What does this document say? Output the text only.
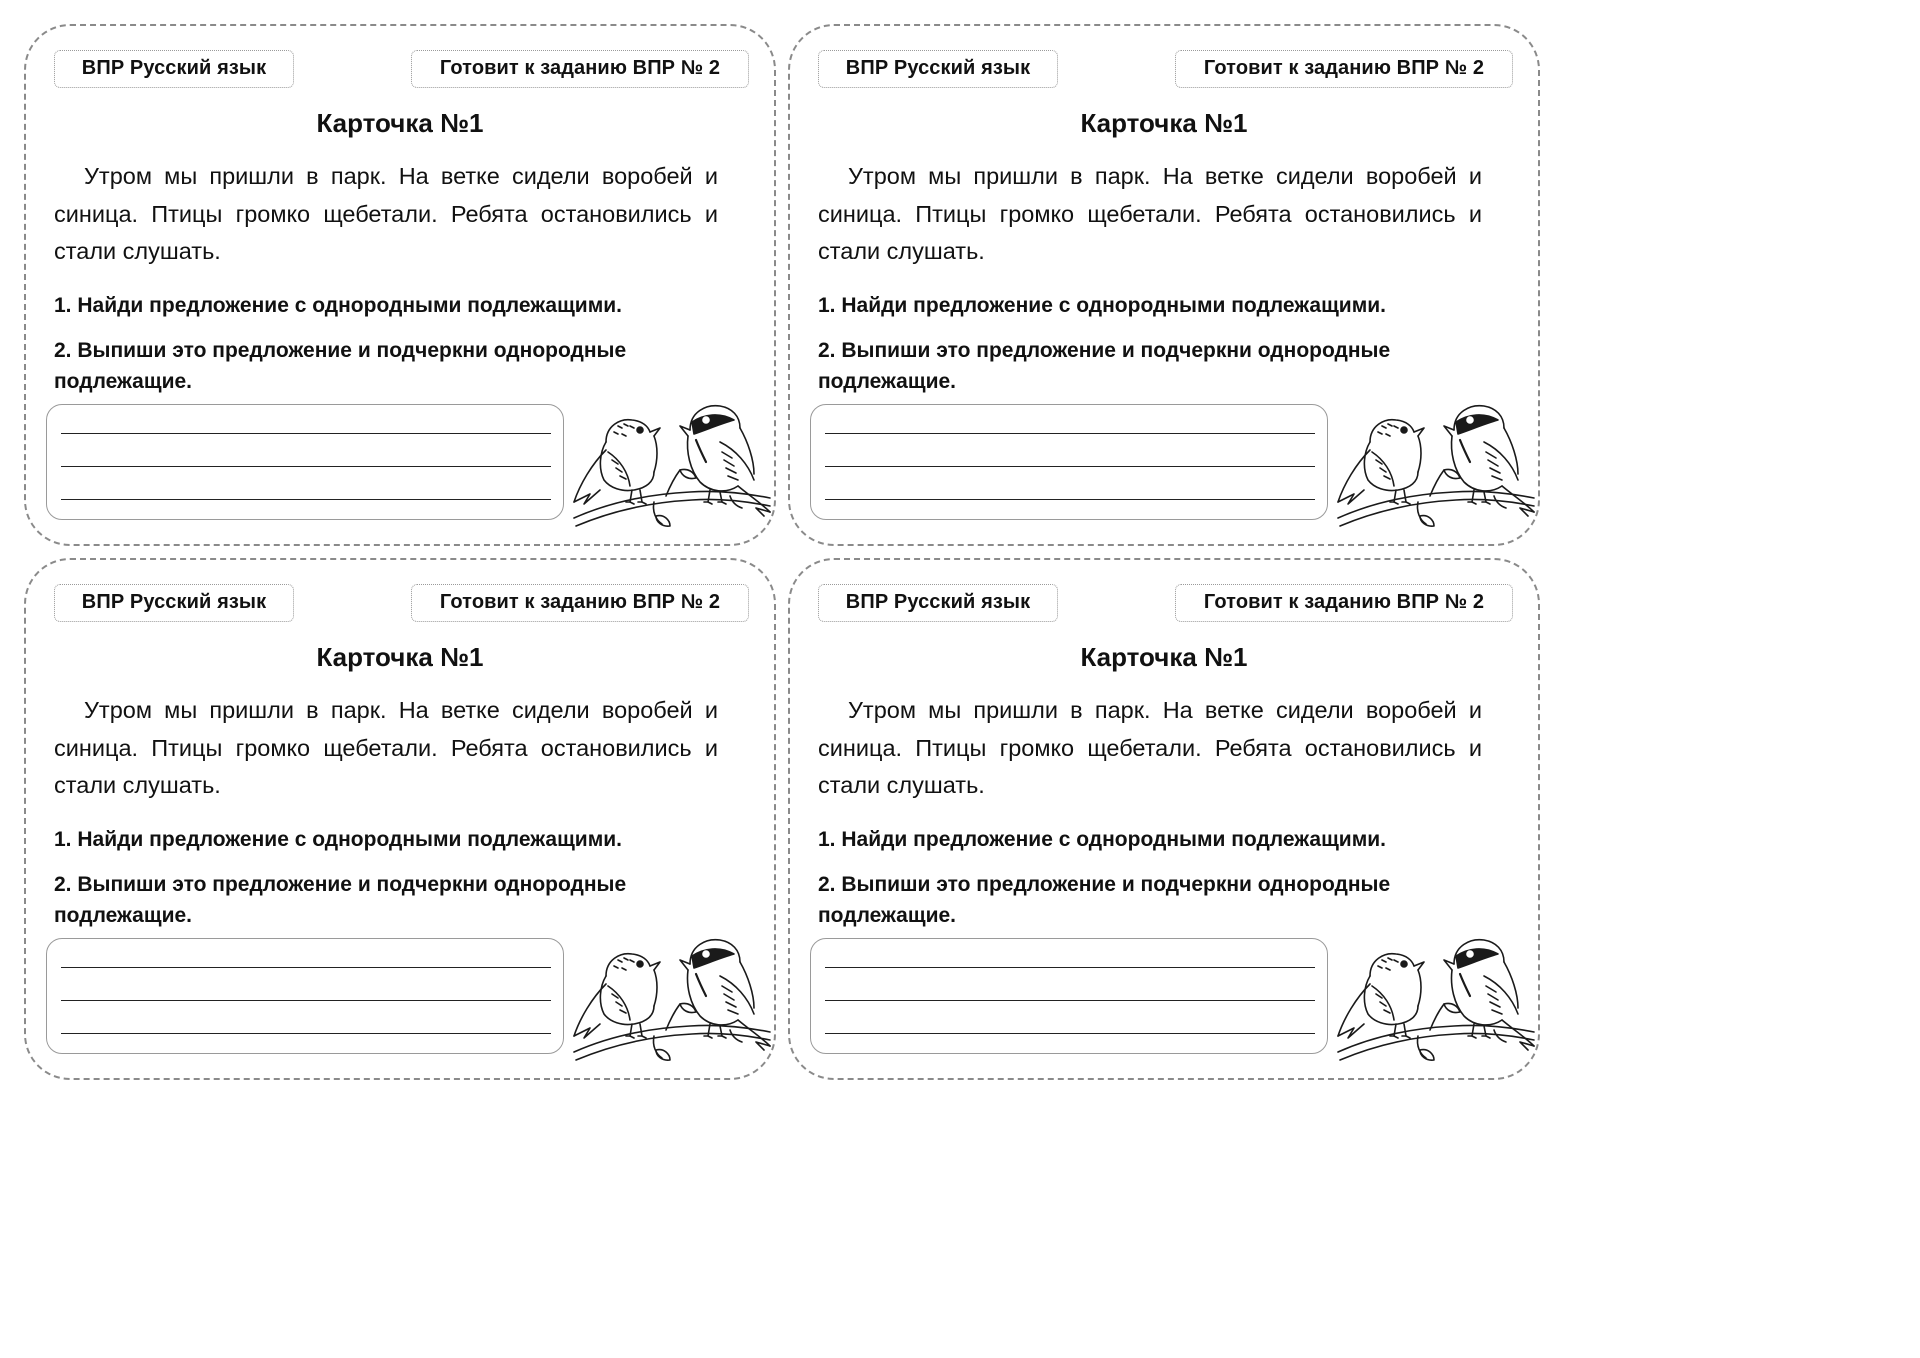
ВПР Русский язык	Готовит к заданию ВПР № 2
Карточка №1
Утром мы пришли в парк. На ветке сидели воробей и синица. Птицы громко щебетали. Ребята остановились и стали слушать.
1. Найди предложение с однородными подлежащими.
2. Выпиши это предложение и подчеркни однородные подлежащие.
ВПР Русский язык	Готовит к заданию ВПР № 2
Карточка №1
Утром мы пришли в парк. На ветке сидели воробей и синица. Птицы громко щебетали. Ребята остановились и стали слушать.
1. Найди предложение с однородными подлежащими.
2. Выпиши это предложение и подчеркни однородные подлежащие.
ВПР Русский язык	Готовит к заданию ВПР № 2
Карточка №1
Утром мы пришли в парк. На ветке сидели воробей и синица. Птицы громко щебетали. Ребята остановились и стали слушать.
1. Найди предложение с однородными подлежащими.
2. Выпиши это предложение и подчеркни однородные подлежащие.
ВПР Русский язык	Готовит к заданию ВПР № 2
Карточка №1
Утром мы пришли в парк. На ветке сидели воробей и синица. Птицы громко щебетали. Ребята остановились и стали слушать.
1. Найди предложение с однородными подлежащими.
2. Выпиши это предложение и подчеркни однородные подлежащие.
